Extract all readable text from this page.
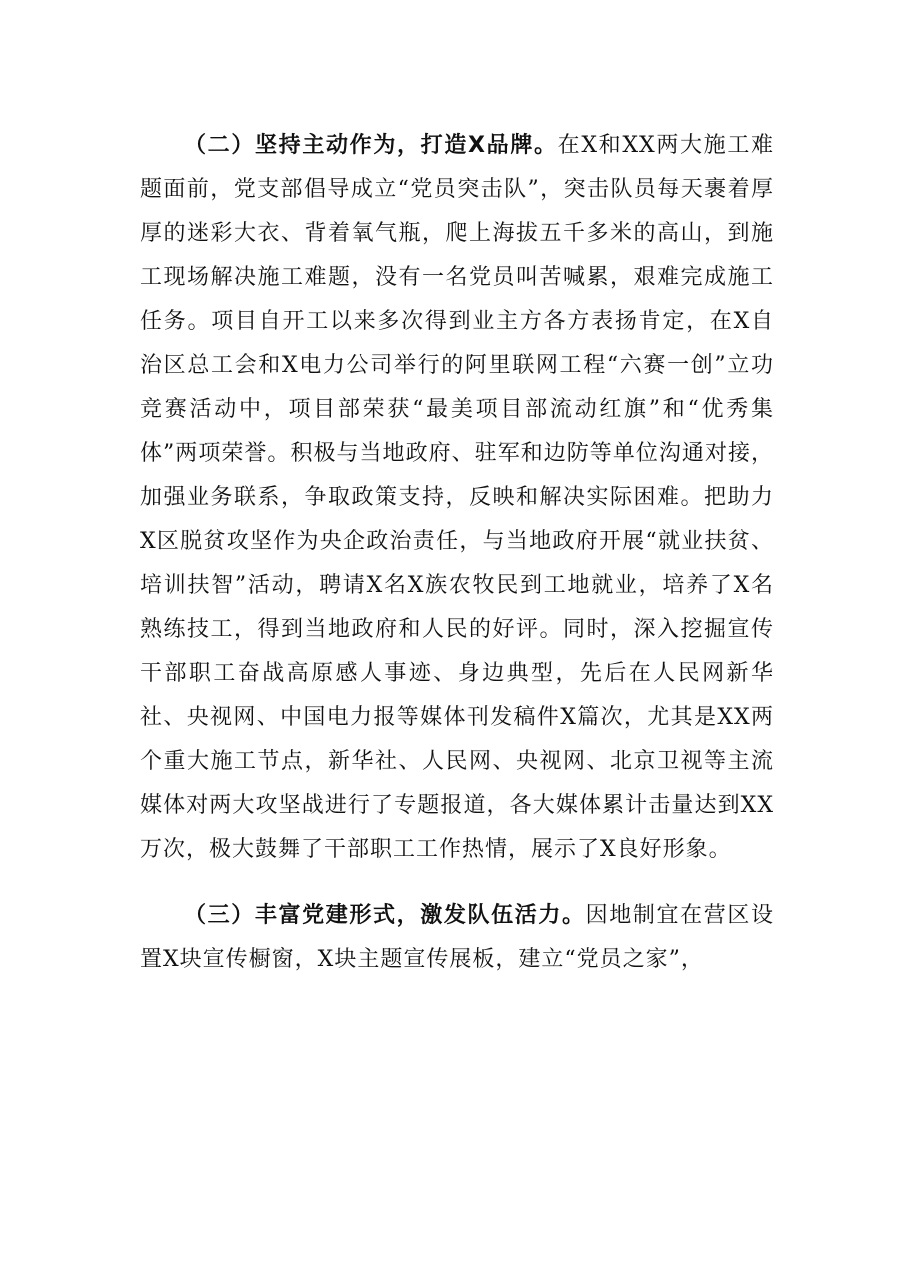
（二）坚持主动作为，打造X品牌。在X和XX两大施工难题面前，党支部倡导成立“党员突击队”，突击队员每天裹着厚厚的迷彩大衣、背着氧气瓶，爬上海拔五千多米的高山，到施工现场解决施工难题，没有一名党员叫苦喊累，艰难完成施工任务。项目自开工以来多次得到业主方各方表扬肯定，在X自治区总工会和X电力公司举行的阿里联网工程“六赛一创”立功竞赛活动中，项目部荣获“最美项目部流动红旗”和“优秀集体”两项荣誉。积极与当地政府、驻军和边防等单位沟通对接，加强业务联系，争取政策支持，反映和解决实际困难。把助力X区脱贫攻坚作为央企政治责任，与当地政府开展“就业扶贫、培训扶智”活动，聘请X名X族农牧民到工地就业，培养了X名熟练技工，得到当地政府和人民的好评。同时，深入挖掘宣传干部职工奋战高原感人事迹、身边典型，先后在人民网新华社、央视网、中国电力报等媒体刊发稿件X篇次，尤其是XX两个重大施工节点，新华社、人民网、央视网、北京卫视等主流媒体对两大攻坚战进行了专题报道，各大媒体累计击量达到XX万次，极大鼓舞了干部职工工作热情，展示了X良好形象。

（三）丰富党建形式，激发队伍活力。因地制宜在营区设置X块宣传橱窗，X块主题宣传展板，建立“党员之家”，
